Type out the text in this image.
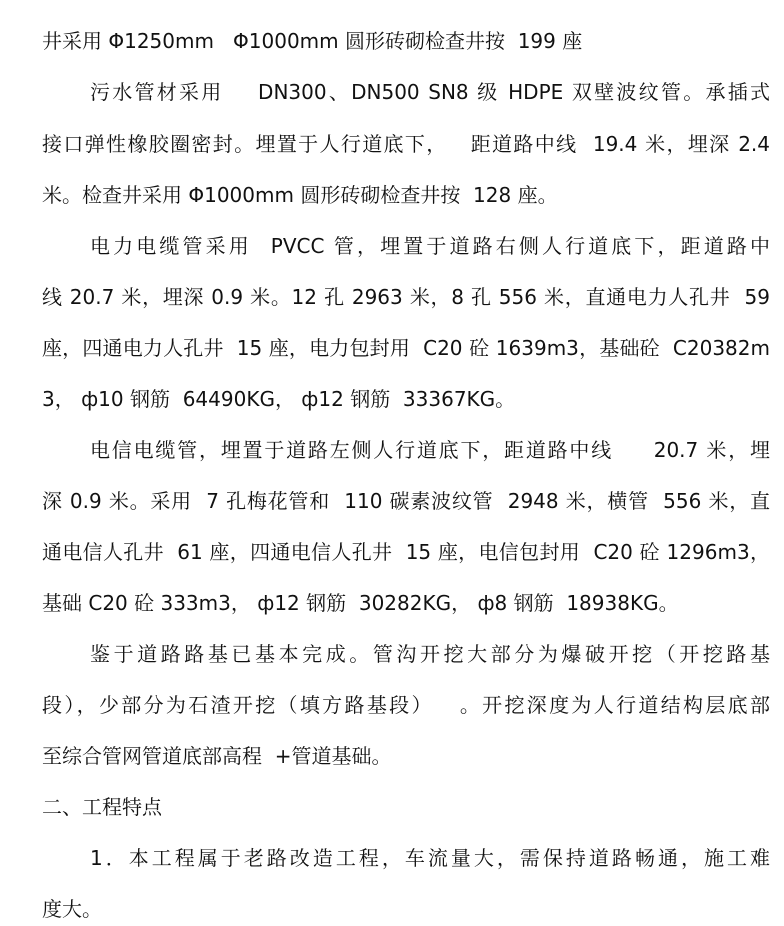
井采用 Φ1250mm   Φ1000mm 圆形砖砌检查井按  199 座
污水管材采用    DN300、DN500 SN8 级 HDPE 双壁波纹管。承插式
接口弹性橡胶圈密封。埋置于人行道底下，   距道路中线  19.4 米，埋深 2.4
米。检查井采用 Φ1000mm 圆形砖砌检查井按  128 座。
电力电缆管采用  PVCC 管，埋置于道路右侧人行道底下，距道路中
线 20.7 米，埋深 0.9 米。12 孔 2963 米，8 孔 556 米，直通电力人孔井  59
座，四通电力人孔井  15 座，电力包封用  C20 砼 1639m3，基础砼  C20382m
3， ф10 钢筋  64490KG， ф12 钢筋  33367KG。
电信电缆管，埋置于道路左侧人行道底下，距道路中线     20.7 米，埋
深 0.9 米。采用  7 孔梅花管和  110 碳素波纹管  2948 米，横管  556 米，直
通电信人孔井  61 座，四通电信人孔井  15 座，电信包封用  C20 砼 1296m3，
基础 C20 砼 333m3， ф12 钢筋  30282KG， ф8 钢筋  18938KG。
鉴于道路路基已基本完成。管沟开挖大部分为爆破开挖（开挖路基
段），少部分为石渣开挖（填方路基段）   。开挖深度为人行道结构层底部
至综合管网管道底部高程  +管道基础。
二、工程特点
1．本工程属于老路改造工程，车流量大，需保持道路畅通，施工难
度大。
